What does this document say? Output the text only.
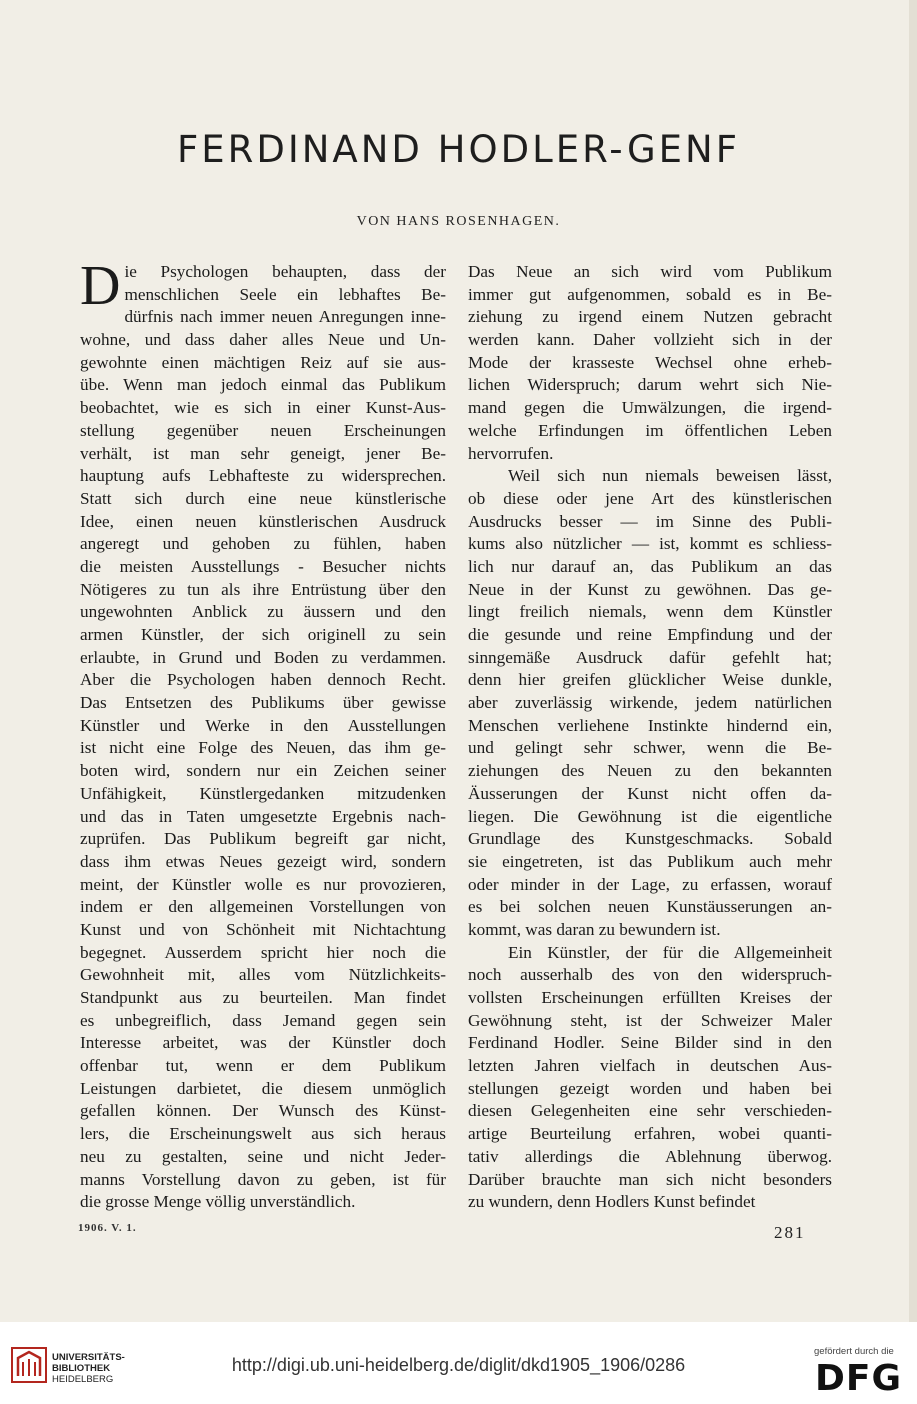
FERDINAND HODLER-GENF
VON HANS ROSENHAGEN.
D ie Psychologen behaupten, dass der
menschlichen Seele ein lebhaftes Be-
dürfnis nach immer neuen Anregungen inne-
wohne, und dass daher alles Neue und Un-
gewohnte einen mächtigen Reiz auf sie aus-
übe. Wenn man jedoch einmal das Publikum
beobachtet, wie es sich in einer Kunst-Aus-
stellung gegenüber neuen Erscheinungen
verhält, ist man sehr geneigt, jener Be-
hauptung aufs Lebhafteste zu widersprechen.
Statt sich durch eine neue künstlerische
Idee, einen neuen künstlerischen Ausdruck
angeregt und gehoben zu fühlen, haben
die meisten Ausstellungs - Besucher nichts
Nötigeres zu tun als ihre Entrüstung über den
ungewohnten Anblick zu äussern und den
armen Künstler, der sich originell zu sein
erlaubte, in Grund und Boden zu verdammen.
Aber die Psychologen haben dennoch Recht.
Das Entsetzen des Publikums über gewisse
Künstler und Werke in den Ausstellungen
ist nicht eine Folge des Neuen, das ihm ge-
boten wird, sondern nur ein Zeichen seiner
Unfähigkeit, Künstlergedanken mitzudenken
und das in Taten umgesetzte Ergebnis nach-
zuprüfen. Das Publikum begreift gar nicht,
dass ihm etwas Neues gezeigt wird, sondern
meint, der Künstler wolle es nur provozieren,
indem er den allgemeinen Vorstellungen von
Kunst und von Schönheit mit Nichtachtung
begegnet. Ausserdem spricht hier noch die
Gewohnheit mit, alles vom Nützlichkeits-
Standpunkt aus zu beurteilen. Man findet
es unbegreiflich, dass Jemand gegen sein
Interesse arbeitet, was der Künstler doch
offenbar tut, wenn er dem Publikum
Leistungen darbietet, die diesem unmöglich
gefallen können. Der Wunsch des Künst-
lers, die Erscheinungswelt aus sich heraus
neu zu gestalten, seine und nicht Jeder-
manns Vorstellung davon zu geben, ist für
die grosse Menge völlig unverständlich.
Das Neue an sich wird vom Publikum
immer gut aufgenommen, sobald es in Be-
ziehung zu irgend einem Nutzen gebracht
werden kann. Daher vollzieht sich in der
Mode der krasseste Wechsel ohne erheb-
lichen Widerspruch; darum wehrt sich Nie-
mand gegen die Umwälzungen, die irgend-
welche Erfindungen im öffentlichen Leben
hervorrufen.
Weil sich nun niemals beweisen lässt,
ob diese oder jene Art des künstlerischen
Ausdrucks besser — im Sinne des Publi-
kums also nützlicher — ist, kommt es schliess-
lich nur darauf an, das Publikum an das
Neue in der Kunst zu gewöhnen. Das ge-
lingt freilich niemals, wenn dem Künstler
die gesunde und reine Empfindung und der
sinngemäße Ausdruck dafür gefehlt hat;
denn hier greifen glücklicher Weise dunkle,
aber zuverlässig wirkende, jedem natürlichen
Menschen verliehene Instinkte hindernd ein,
und gelingt sehr schwer, wenn die Be-
ziehungen des Neuen zu den bekannten
Äusserungen der Kunst nicht offen da-
liegen. Die Gewöhnung ist die eigentliche
Grundlage des Kunstgeschmacks. Sobald
sie eingetreten, ist das Publikum auch mehr
oder minder in der Lage, zu erfassen, worauf
es bei solchen neuen Kunstäusserungen an-
kommt, was daran zu bewundern ist.
Ein Künstler, der für die Allgemeinheit
noch ausserhalb des von den widerspruch-
vollsten Erscheinungen erfüllten Kreises der
Gewöhnung steht, ist der Schweizer Maler
Ferdinand Hodler. Seine Bilder sind in den
letzten Jahren vielfach in deutschen Aus-
stellungen gezeigt worden und haben bei
diesen Gelegenheiten eine sehr verschieden-
artige Beurteilung erfahren, wobei quanti-
tativ allerdings die Ablehnung überwog.
Darüber brauchte man sich nicht besonders
zu wundern, denn Hodlers Kunst befindet
1906. V. 1.	281
UNIVERSITÄTS-
BIBLIOTHEK
HEIDELBERG
http://digi.ub.uni-heidelberg.de/diglit/dkd1905_1906/0286
gefördert durch die
DFG
